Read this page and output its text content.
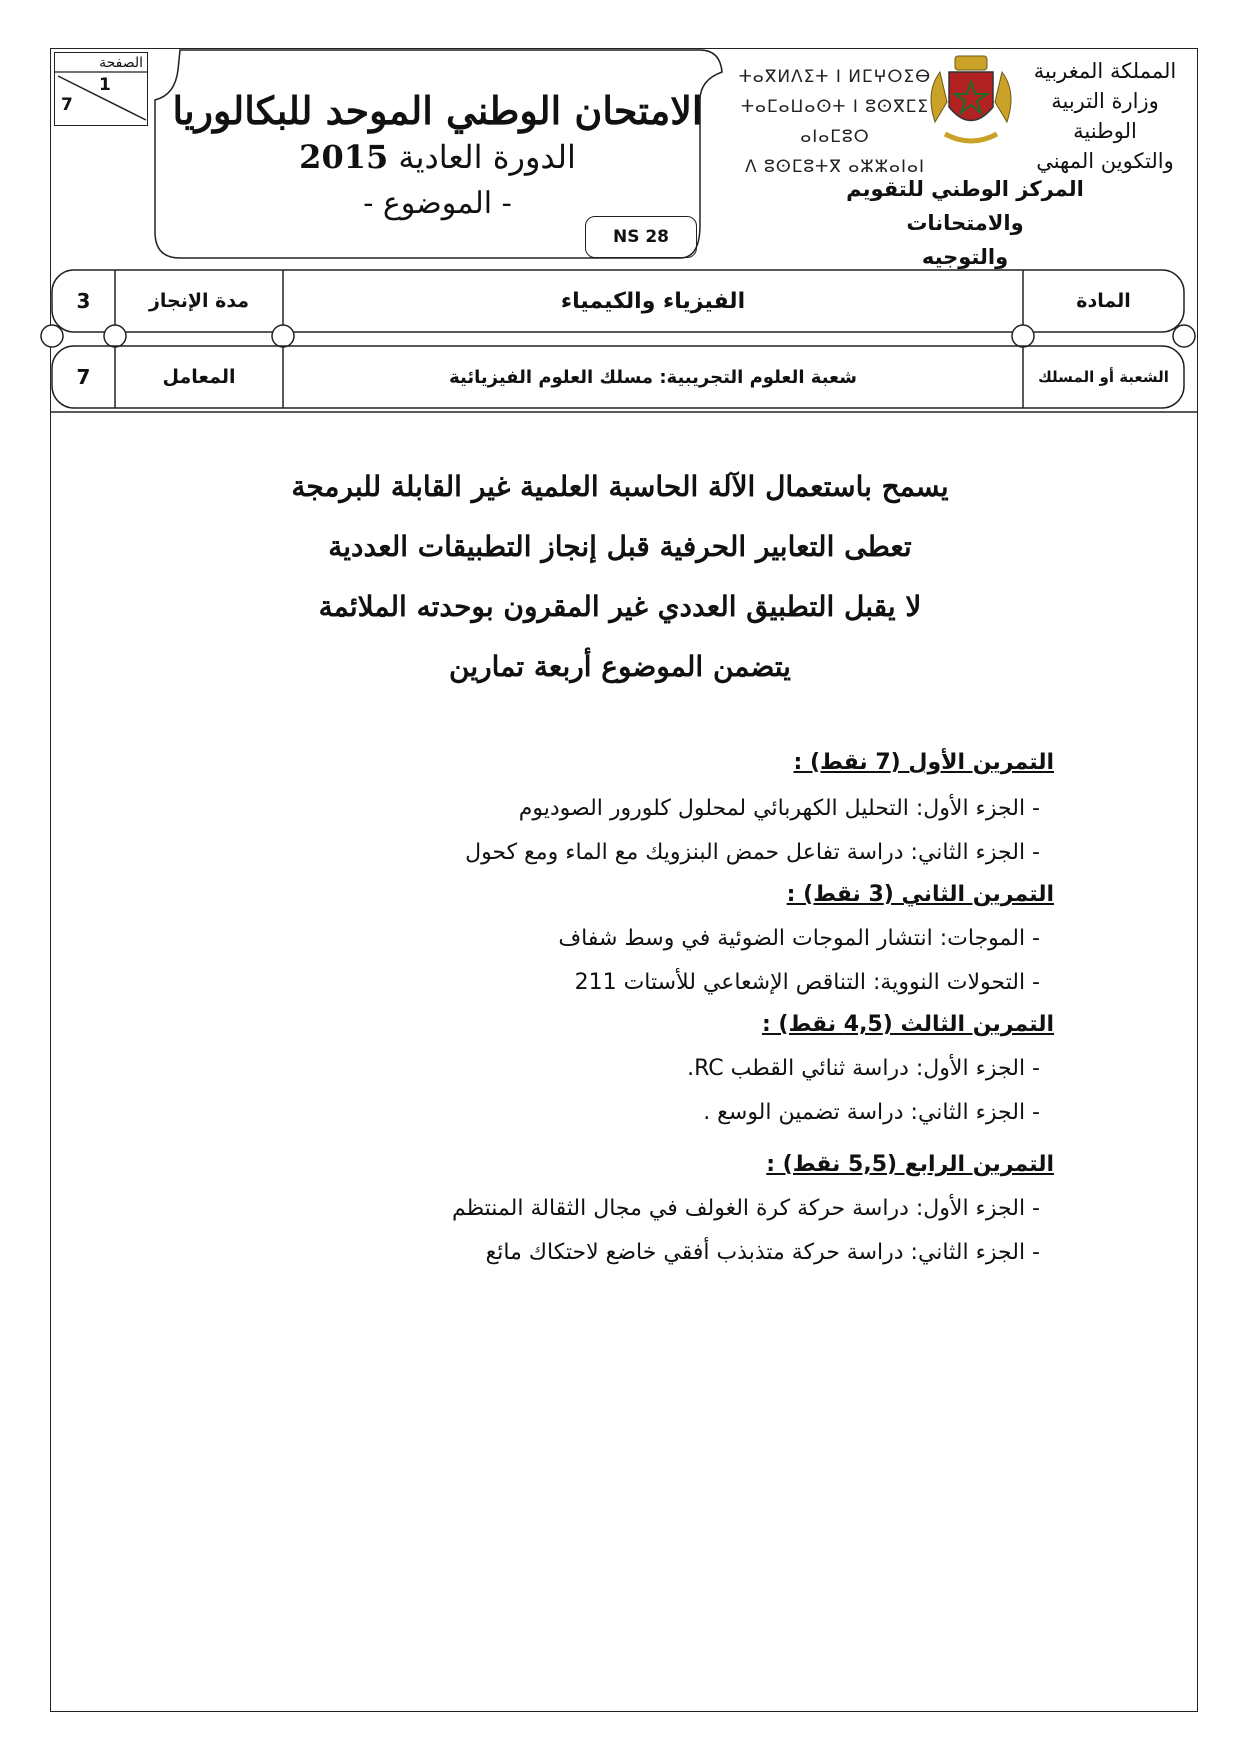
الصفحة
1
7	الامتحان الوطني الموحد للبكالوريا
الدورة العادية 2015
- الموضوع -
NS 28
ⵜⴰⴳⵍⴷⵉⵜ ⵏ ⵍⵎⵖⵔⵉⴱ
ⵜⴰⵎⴰⵡⴰⵙⵜ ⵏ ⵓⵙⴳⵎⵉ ⴰⵏⴰⵎⵓⵔ
ⴷ ⵓⵙⵎⵓⵜⴳ ⴰⵣⵣⴰⵏⴰⵏ
المملكة المغربية
وزارة التربية الوطنية
والتكوين المهني
المركز الوطني للتقويم والامتحانات
والتوجيه
المادة
الفيزياء والكيمياء
مدة الإنجاز
3
الشعبة أو المسلك
شعبة العلوم التجريبية: مسلك العلوم الفيزيائية
المعامل
7
يسمح باستعمال الآلة الحاسبة العلمية غير القابلة للبرمجة
تعطى التعابير الحرفية قبل إنجاز التطبيقات العددية
لا يقبل التطبيق العددي غير المقرون بوحدته الملائمة
يتضمن الموضوع أربعة تمارين
التمرين الأول (7 نقط) :
- الجزء الأول: التحليل الكهربائي لمحلول كلورور الصوديوم
- الجزء الثاني: دراسة تفاعل حمض البنزويك مع الماء ومع كحول
التمرين الثاني (3 نقط) :
- الموجات: انتشار الموجات الضوئية في وسط شفاف
- التحولات النووية: التناقص الإشعاعي للأستات 211
التمرين الثالث (4,5 نقط) :
- الجزء الأول: دراسة ثنائي القطب RC.
- الجزء الثاني: دراسة تضمين الوسع .
التمرين الرابع (5,5 نقط) :
- الجزء الأول: دراسة حركة كرة الغولف في مجال الثقالة المنتظم
- الجزء الثاني: دراسة حركة متذبذب أفقي خاضع لاحتكاك مائع
